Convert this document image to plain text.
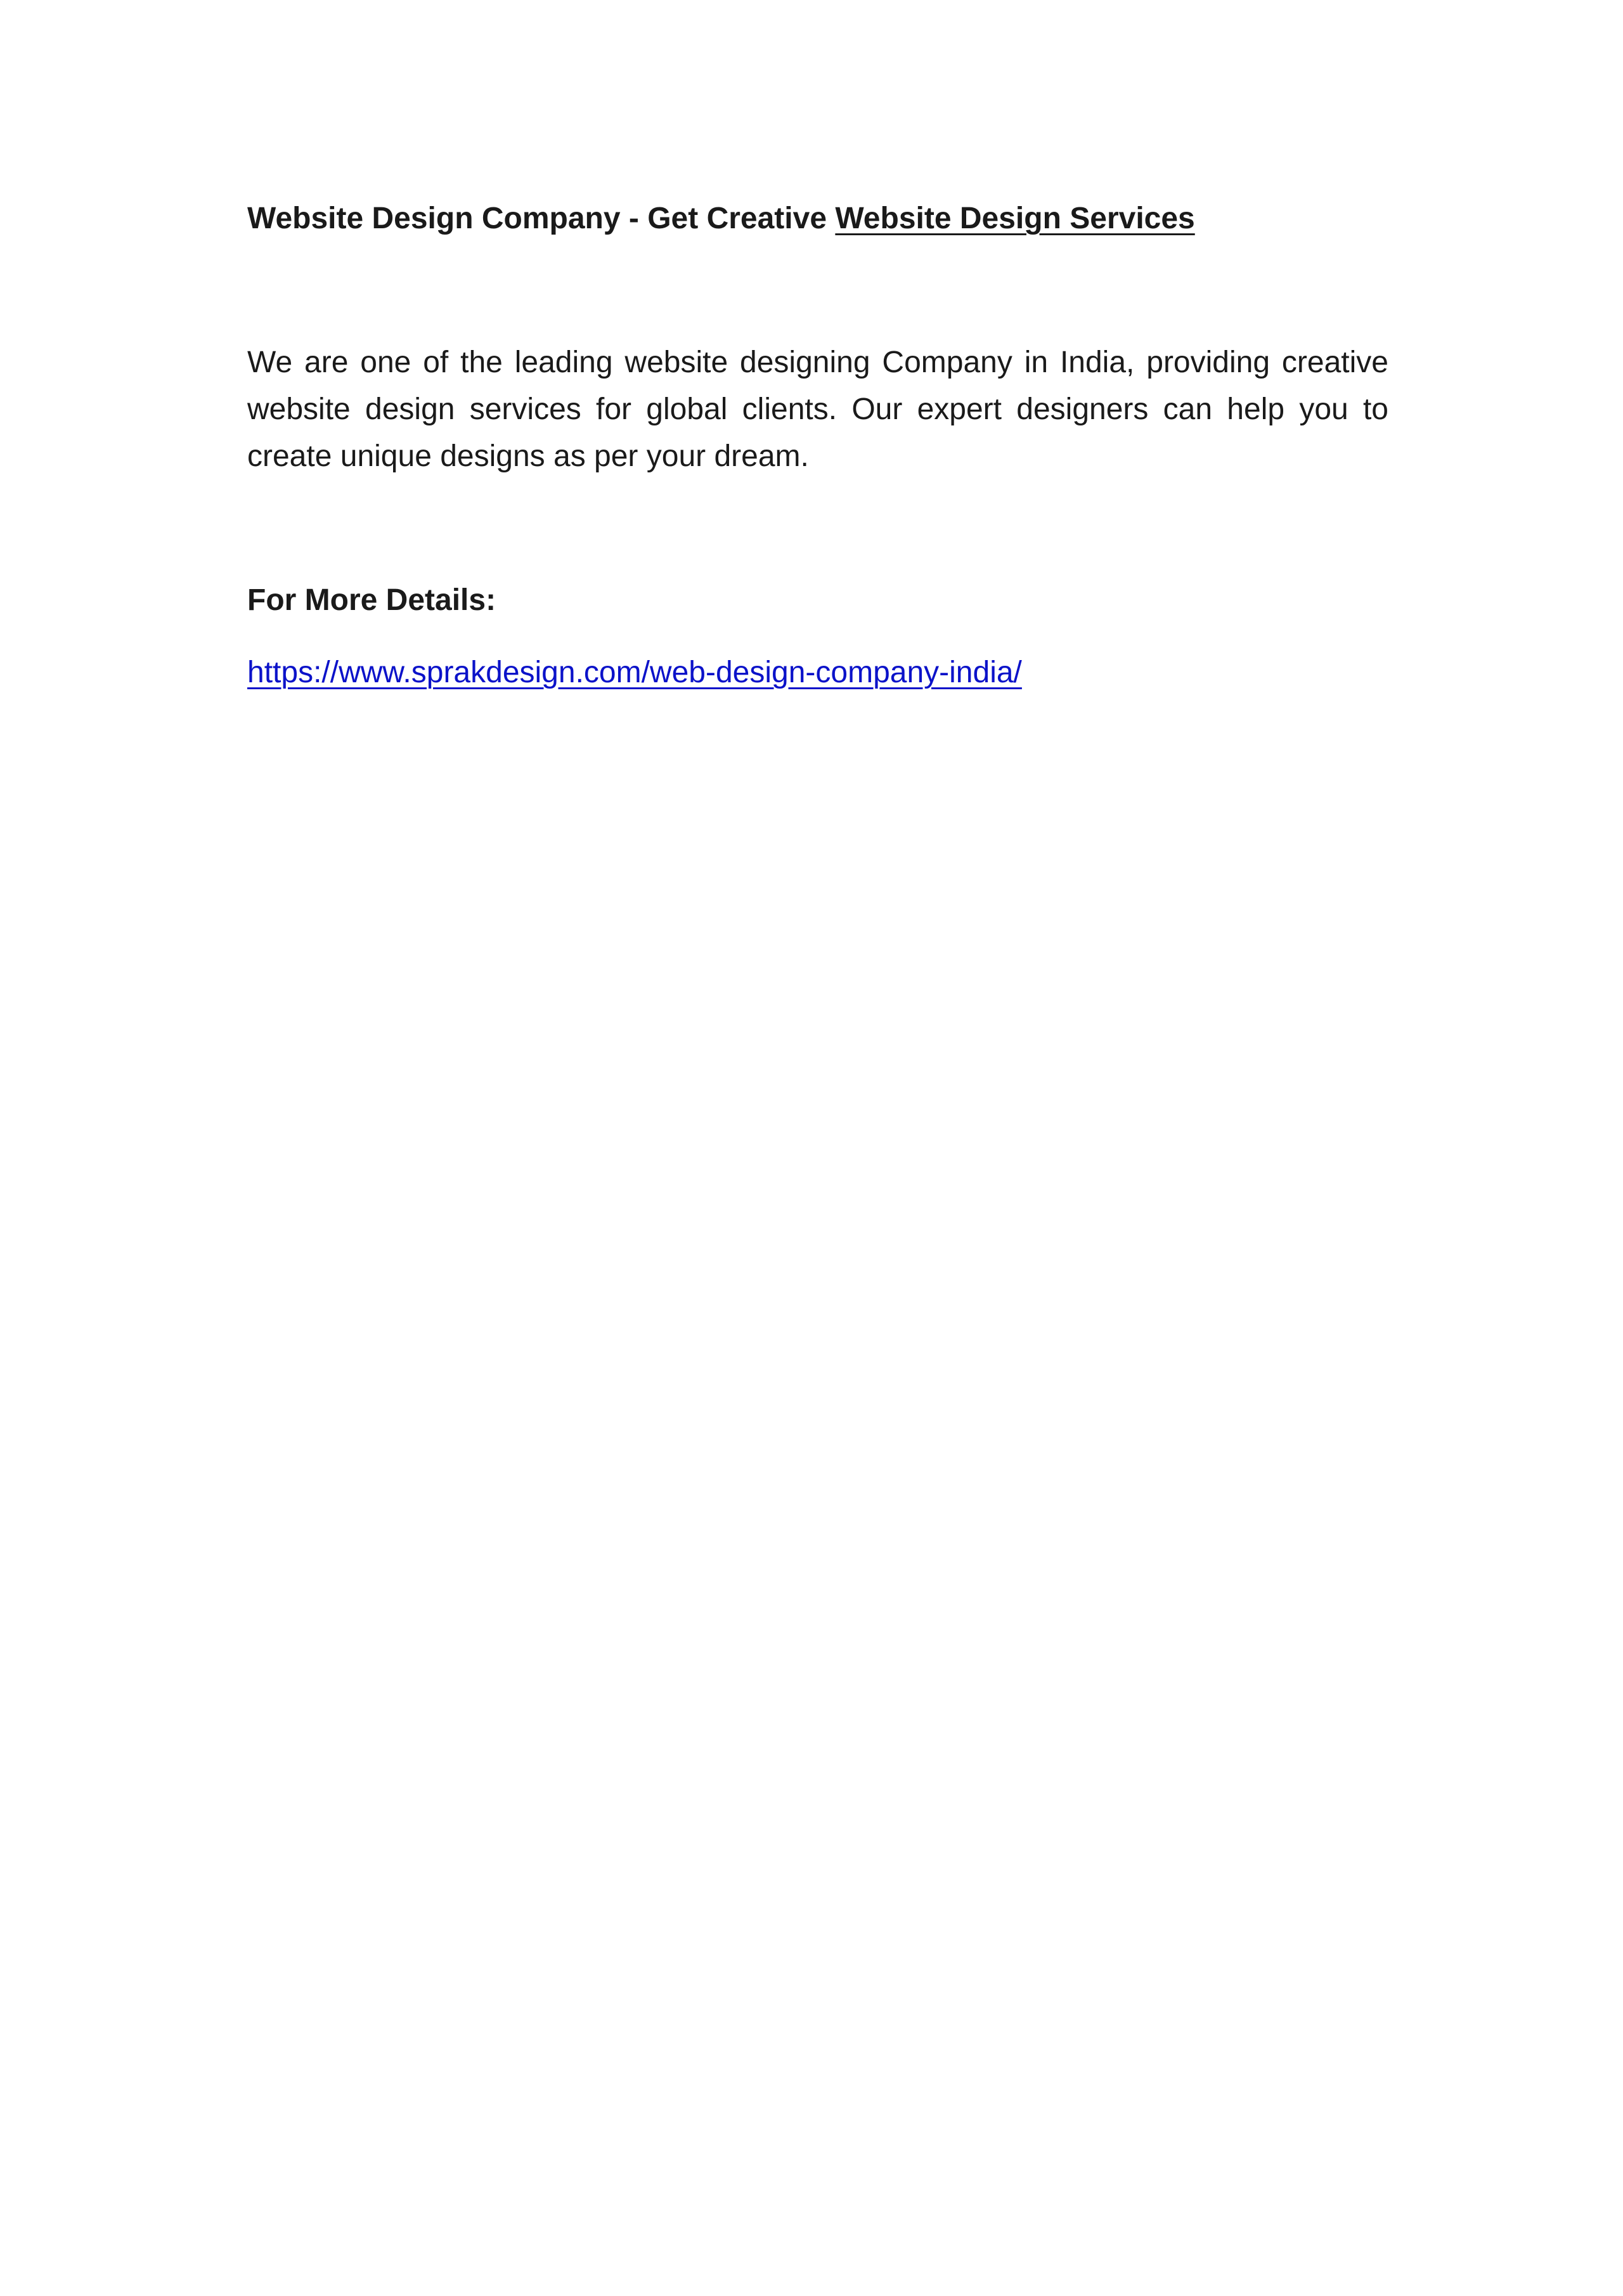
Website Design Company - Get Creative Website Design Services

We are one of the leading website designing Company in India, providing creative website design services for global clients. Our expert designers can help you to create unique designs as per your dream.

For More Details:
https://www.sprakdesign.com/web-design-company-india/
